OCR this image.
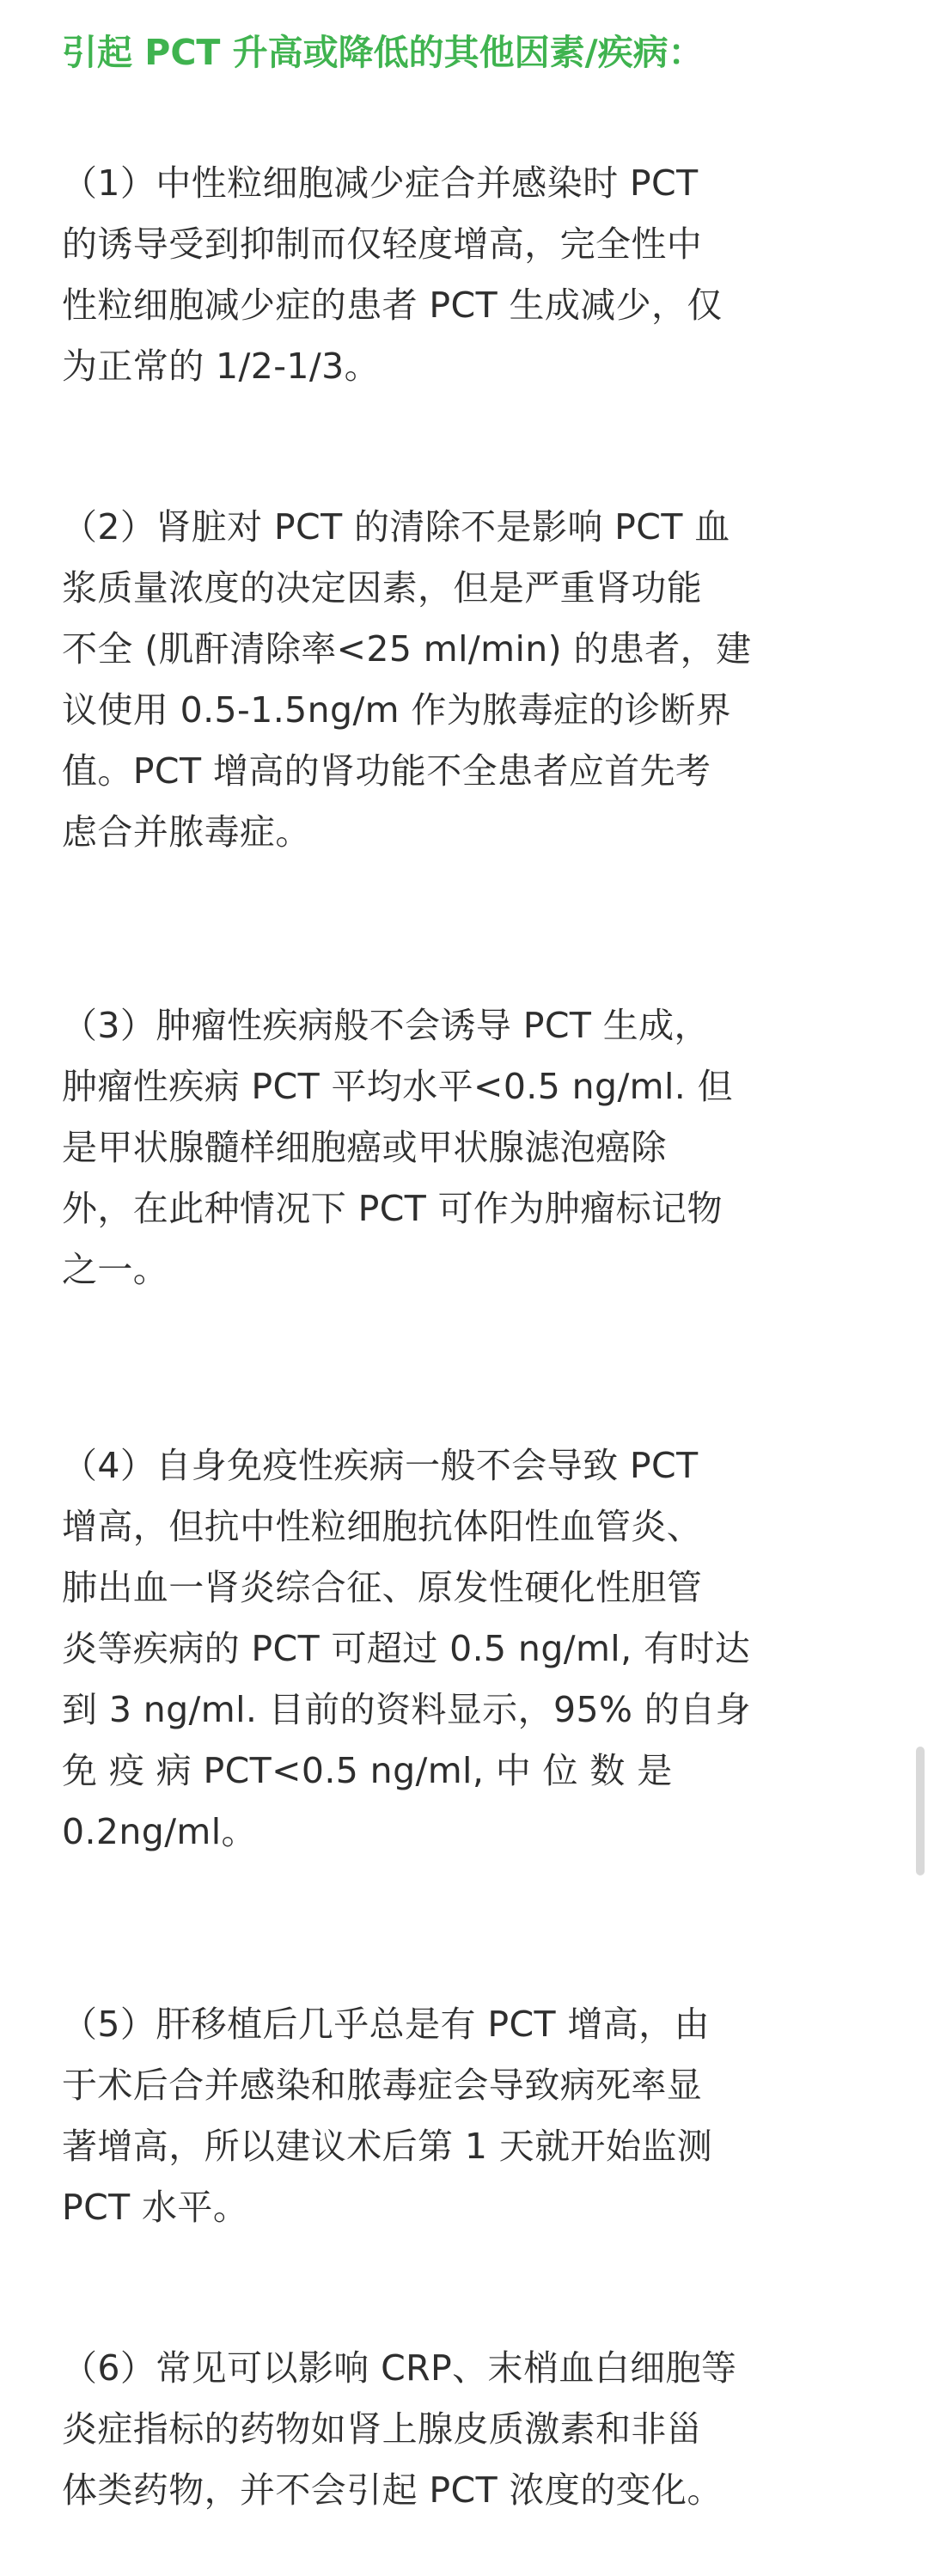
引起 PCT 升高或降低的其他因素/疾病：
（1）中性粒细胞减少症合并感染时 PCT
的诱导受到抑制而仅轻度增高，完全性中
性粒细胞减少症的患者 PCT 生成减少，仅
为正常的 1/2-1/3。
（2）肾脏对 PCT 的清除不是影响 PCT 血
浆质量浓度的决定因素，但是严重肾功能
不全 (肌酐清除率<25 ml/min) 的患者，建
议使用 0.5-1.5ng/m 作为脓毒症的诊断界
值。PCT 增高的肾功能不全患者应首先考
虑合并脓毒症。
（3）肿瘤性疾病般不会诱导 PCT 生成，
肿瘤性疾病 PCT 平均水平<0.5 ng/ml. 但
是甲状腺髓样细胞癌或甲状腺滤泡癌除
外，在此种情况下 PCT 可作为肿瘤标记物
之一。
（4）自身免疫性疾病一般不会导致 PCT
增高，但抗中性粒细胞抗体阳性血管炎、
肺出血一肾炎综合征、原发性硬化性胆管
炎等疾病的 PCT 可超过 0.5 ng/ml, 有时达
到 3 ng/ml. 目前的资料显示，95% 的自身
免 疫 病 PCT<0.5 ng/ml, 中 位 数 是
0.2ng/ml。
（5）肝移植后几乎总是有 PCT 增高，由
于术后合并感染和脓毒症会导致病死率显
著增高，所以建议术后第 1 天就开始监测
PCT 水平。
（6）常见可以影响 CRP、末梢血白细胞等
炎症指标的药物如肾上腺皮质激素和非甾
体类药物，并不会引起 PCT 浓度的变化。
